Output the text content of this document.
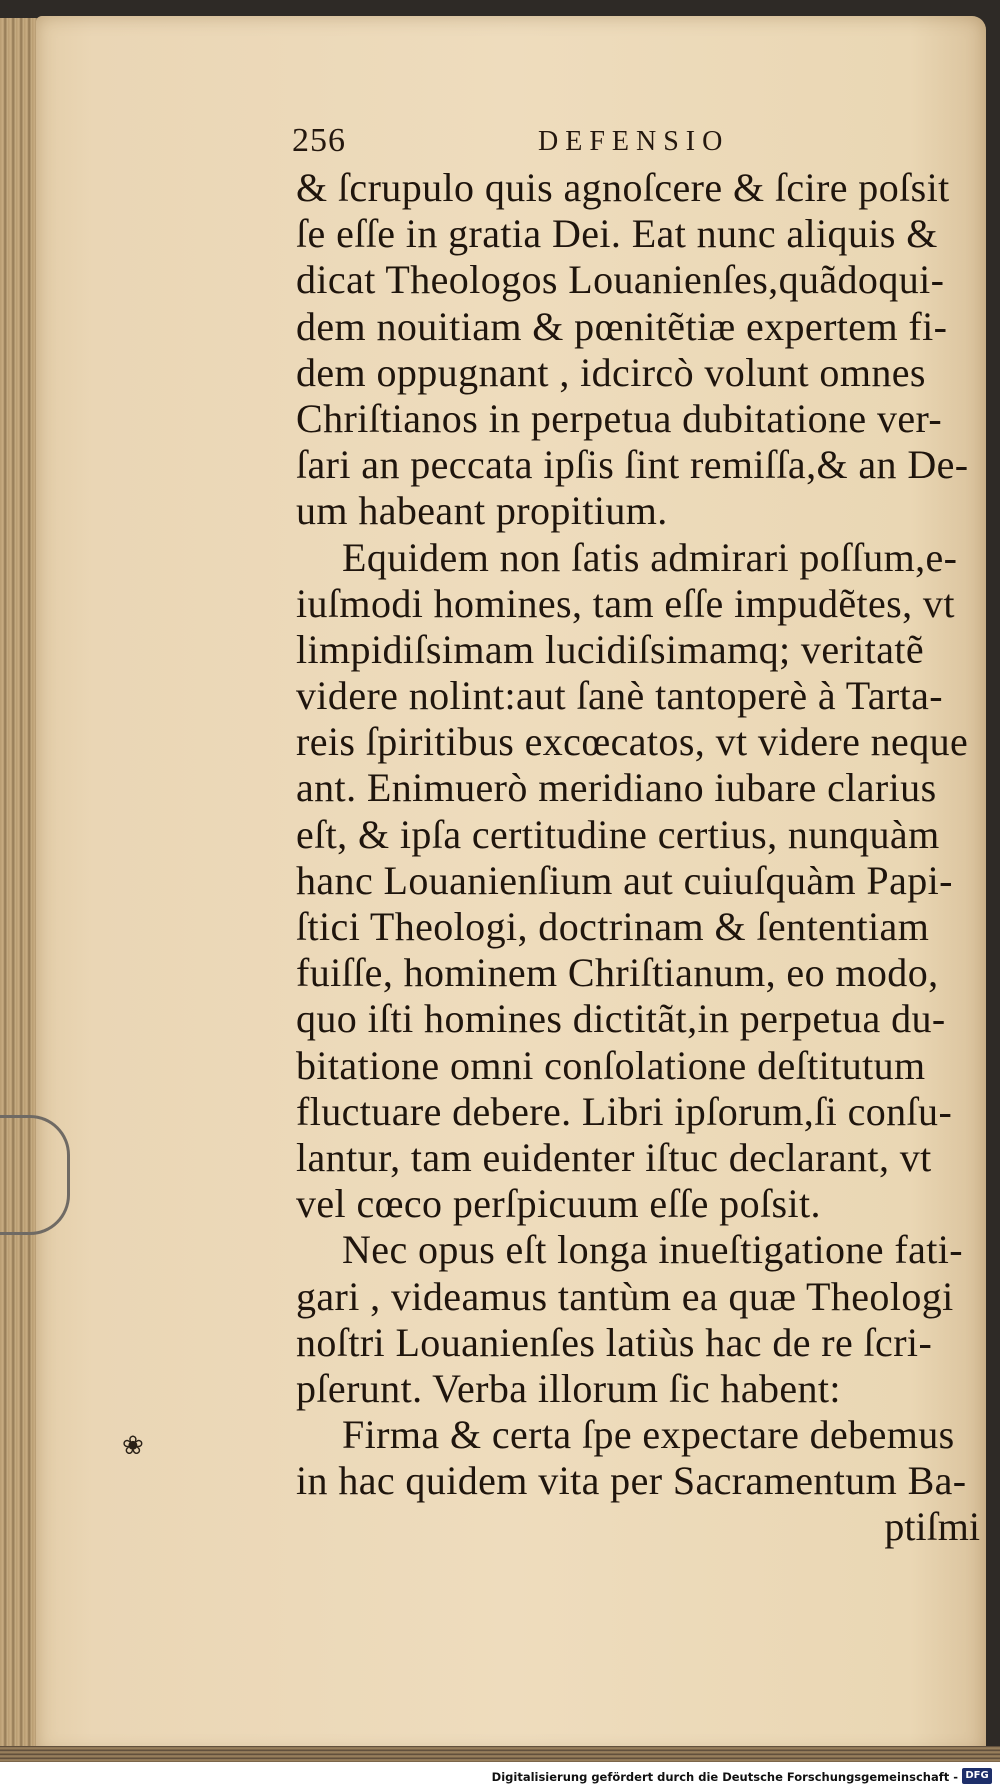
256	DEFENSIO
& ſcrupulo quis agnoſcere & ſcire poſsit
ſe eſſe in gratia Dei. Eat nunc aliquis &
dicat Theologos Louanienſes,quãdoqui-
dem nouitiam & pœnitẽtiæ expertem fi-
dem oppugnant , idcircò volunt omnes
Chriſtianos in perpetua dubitatione ver-
ſari an peccata ipſis ſint remiſſa,& an De-
um habeant propitium.
Equidem non ſatis admirari poſſum,e-
iuſmodi homines, tam eſſe impudẽtes, vt
limpidiſsimam lucidiſsimamq; veritatẽ
videre nolint:aut ſanè tantoperè à Tarta-
reis ſpiritibus excœcatos, vt videre neque
ant. Enimuerò meridiano iubare clarius
eſt, & ipſa certitudine certius, nunquàm
hanc Louanienſium aut cuiuſquàm Papi-
ſtici Theologi, doctrinam & ſententiam
fuiſſe, hominem Chriſtianum, eo modo,
quo iſti homines dictitãt,in perpetua du-
bitatione omni conſolatione deſtitutum
fluctuare debere. Libri ipſorum,ſi conſu-
lantur, tam euidenter iſtuc declarant, vt
vel cœco perſpicuum eſſe poſsit.
Nec opus eſt longa inueſtigatione fati-
gari , videamus tantùm ea quæ Theologi
noſtri Louanienſes latiùs hac de re ſcri-
pſerunt. Verba illorum ſic habent:
Firma & certa ſpe expectare debemus
in hac quidem vita per Sacramentum Ba-
ptiſmi
❀
Digitalisierung gefördert durch die Deutsche Forschungsgemeinschaft - DFG
